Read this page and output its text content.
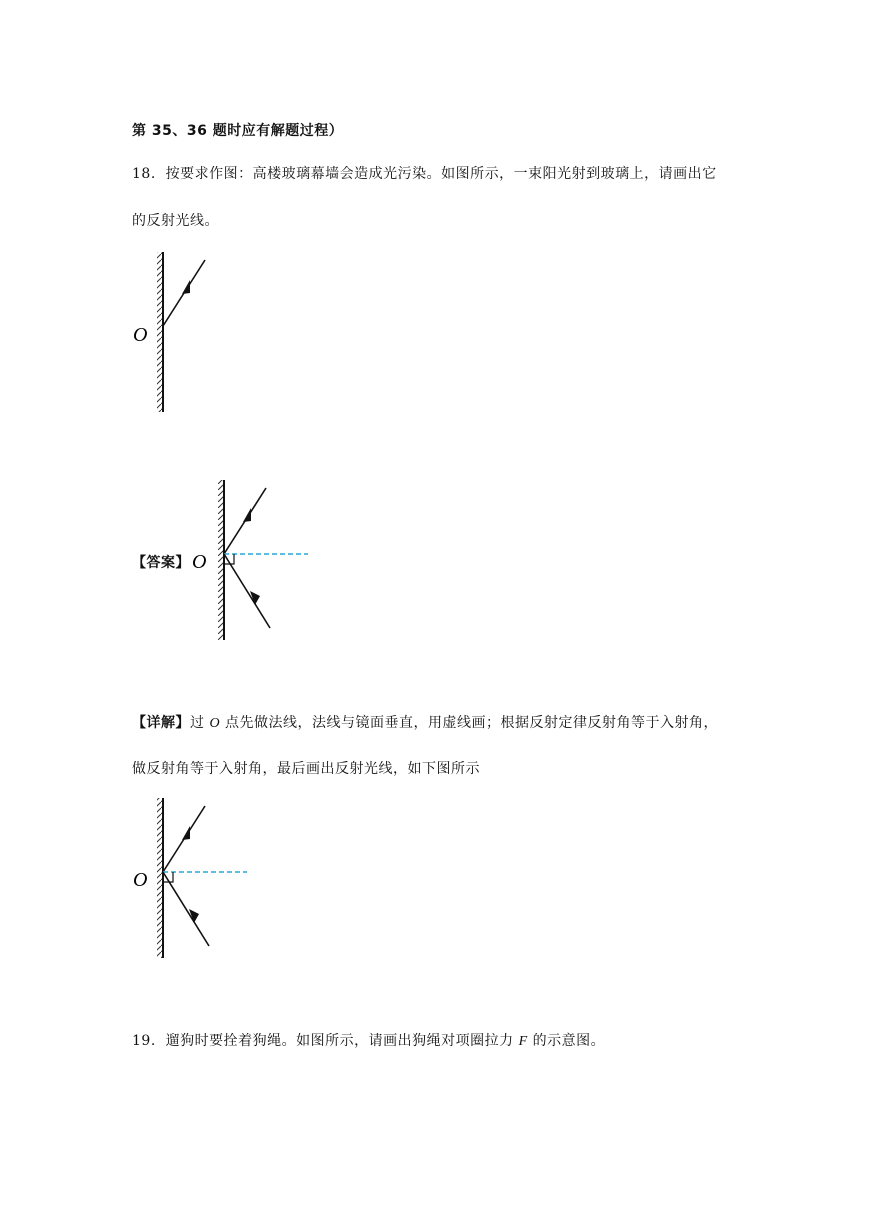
第 35、36 题时应有解题过程）
18. 按要求作图：高楼玻璃幕墙会造成光污染。如图所示，一束阳光射到玻璃上，请画出它
的反射光线。
O
【答案】 O
【详解】过 O 点先做法线，法线与镜面垂直，用虚线画；根据反射定律反射角等于入射角，
做反射角等于入射角，最后画出反射光线，如下图所示
O
19. 遛狗时要拴着狗绳。如图所示，请画出狗绳对项圈拉力 F 的示意图。
